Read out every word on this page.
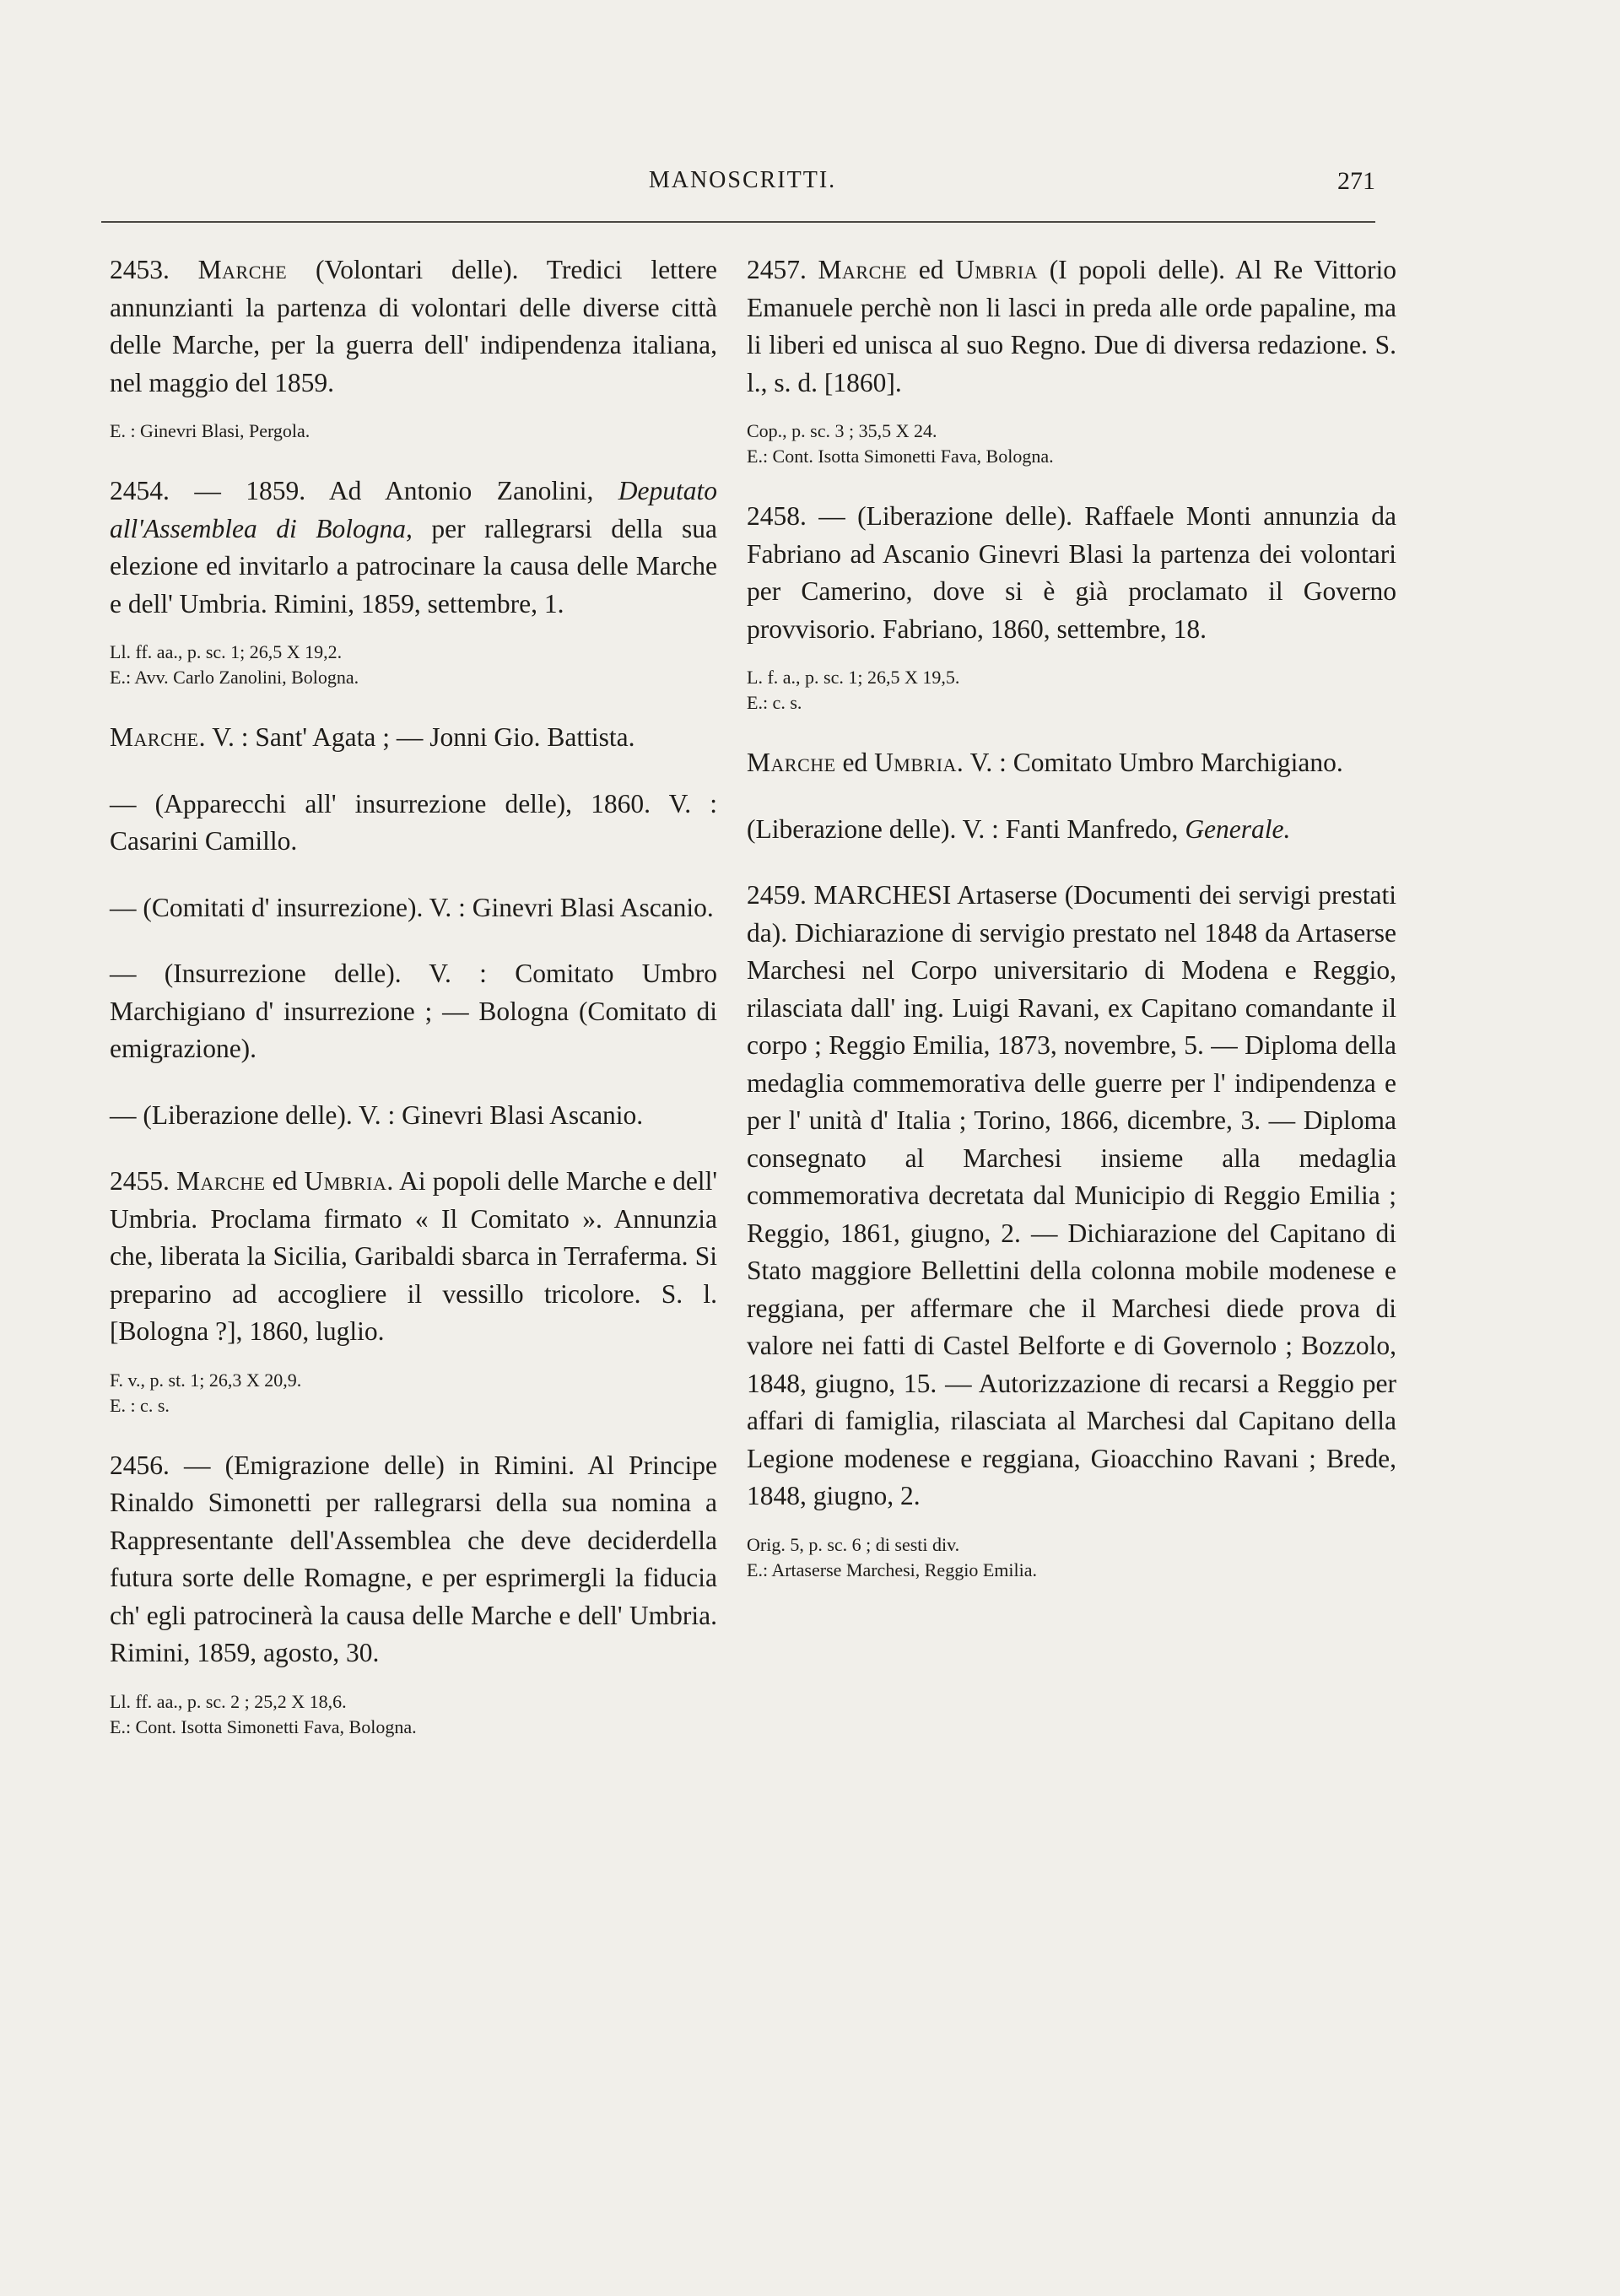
MANOSCRITTI.	271

2453. Marche (Volontari delle). Tredici lettere annunzianti la partenza di volontari delle diverse città delle Marche, per la guerra dell' indipendenza italiana, nel maggio del 1859.

E. : Ginevri Blasi, Pergola.

2454. — 1859. Ad Antonio Zanolini, Deputato all'Assemblea di Bologna, per rallegrarsi della sua elezione ed invitarlo a patrocinare la causa delle Marche e dell' Umbria. Rimini, 1859, settembre, 1.

Ll. ff. aa., p. sc. 1; 26,5 X 19,2.
E.: Avv. Carlo Zanolini, Bologna.
Marche. V. : Sant' Agata ; — Jonni Gio. Battista.
— (Apparecchi all' insurrezione delle), 1860. V. : Casarini Camillo.
— (Comitati d' insurrezione). V. : Ginevri Blasi Ascanio.
— (Insurrezione delle). V. : Comitato Umbro Marchigiano d' insurrezione ; — Bologna (Comitato di emigrazione).
— (Liberazione delle). V. : Ginevri Blasi Ascanio.

2455. Marche ed Umbria. Ai popoli delle Marche e dell' Umbria. Proclama firmato « Il Comitato ». Annunzia che, liberata la Sicilia, Garibaldi sbarca in Terraferma. Si preparino ad accogliere il vessillo tricolore. S. l. [Bologna ?], 1860, luglio.

F. v., p. st. 1; 26,3 X 20,9.
E. : c. s.

2456. — (Emigrazione delle) in Rimini. Al Principe Rinaldo Simonetti per rallegrarsi della sua nomina a Rappresentante dell'Assemblea che deve deciderdella futura sorte delle Romagne, e per esprimergli la fiducia ch' egli patrocinerà la causa delle Marche e dell' Umbria. Rimini, 1859, agosto, 30.

Ll. ff. aa., p. sc. 2 ; 25,2 X 18,6.
E.: Cont. Isotta Simonetti Fava, Bologna.

2457. Marche ed Umbria (I popoli delle). Al Re Vittorio Emanuele perchè non li lasci in preda alle orde papaline, ma li liberi ed unisca al suo Regno. Due di diversa redazione. S. l., s. d. [1860].

Cop., p. sc. 3 ; 35,5 X 24.
E.: Cont. Isotta Simonetti Fava, Bologna.

2458. — (Liberazione delle). Raffaele Monti annunzia da Fabriano ad Ascanio Ginevri Blasi la partenza dei volontari per Camerino, dove si è già proclamato il Governo provvisorio. Fabriano, 1860, settembre, 18.

L. f. a., p. sc. 1; 26,5 X 19,5.
E.: c. s.
Marche ed Umbria. V. : Comitato Umbro Marchigiano.
(Liberazione delle). V. : Fanti Manfredo, Generale.

2459. MARCHESI Artaserse (Documenti dei servigi prestati da). Dichiarazione di servigio prestato nel 1848 da Artaserse Marchesi nel Corpo universitario di Modena e Reggio, rilasciata dall' ing. Luigi Ravani, ex Capitano comandante il corpo ; Reggio Emilia, 1873, novembre, 5. — Diploma della medaglia commemorativa delle guerre per l' indipendenza e per l' unità d' Italia ; Torino, 1866, dicembre, 3. — Diploma consegnato al Marchesi insieme alla medaglia commemorativa decretata dal Municipio di Reggio Emilia ; Reggio, 1861, giugno, 2. — Dichiarazione del Capitano di Stato maggiore Bellettini della colonna mobile modenese e reggiana, per affermare che il Marchesi diede prova di valore nei fatti di Castel Belforte e di Governolo ; Bozzolo, 1848, giugno, 15. — Autorizzazione di recarsi a Reggio per affari di famiglia, rilasciata al Marchesi dal Capitano della Legione modenese e reggiana, Gioacchino Ravani ; Brede, 1848, giugno, 2.

Orig. 5, p. sc. 6 ; di sesti div.
E.: Artaserse Marchesi, Reggio Emilia.
